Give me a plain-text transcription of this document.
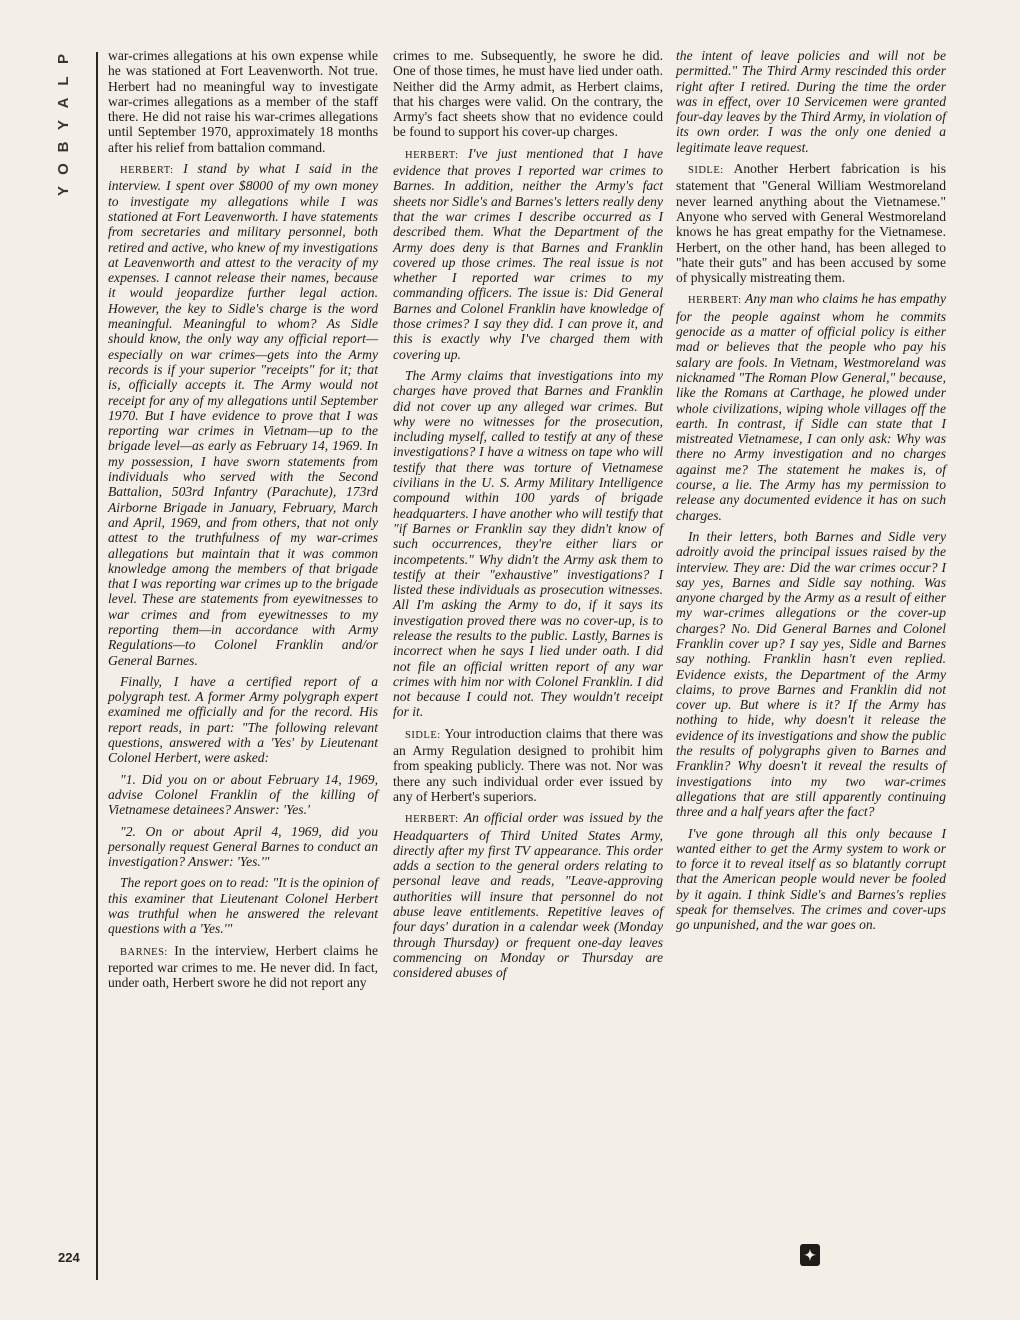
P
L
A
Y
B
O
Y
224

war-crimes allegations at his own expense while he was stationed at Fort Leavenworth. Not true. Herbert had no meaningful way to investigate war-crimes allegations as a member of the staff there. He did not raise his war-crimes allegations until September 1970, approximately 18 months after his relief from battalion command.

HERBERT: I stand by what I said in the interview. I spent over $8000 of my own money to investigate my allegations while I was stationed at Fort Leavenworth. I have statements from secretaries and military personnel, both retired and active, who knew of my investigations at Leavenworth and attest to the veracity of my expenses. I cannot release their names, because it would jeopardize further legal action. However, the key to Sidle's charge is the word meaningful. Meaningful to whom? As Sidle should know, the only way any official report—especially on war crimes—gets into the Army records is if your superior "receipts" for it; that is, officially accepts it. The Army would not receipt for any of my allegations until September 1970. But I have evidence to prove that I was reporting war crimes in Vietnam—up to the brigade level—as early as February 14, 1969. In my possession, I have sworn statements from individuals who served with the Second Battalion, 503rd Infantry (Parachute), 173rd Airborne Brigade in January, February, March and April, 1969, and from others, that not only attest to the truthfulness of my war-crimes allegations but maintain that it was common knowledge among the members of that brigade that I was reporting war crimes up to the brigade level. These are statements from eyewitnesses to war crimes and from eyewitnesses to my reporting them—in accordance with Army Regulations—to Colonel Franklin and/or General Barnes.

Finally, I have a certified report of a polygraph test. A former Army polygraph expert examined me officially and for the record. His report reads, in part: "The following relevant questions, answered with a 'Yes' by Lieutenant Colonel Herbert, were asked:

"1. Did you on or about February 14, 1969, advise Colonel Franklin of the killing of Vietnamese detainees? Answer: 'Yes.'

"2. On or about April 4, 1969, did you personally request General Barnes to conduct an investigation? Answer: 'Yes.'"

The report goes on to read: "It is the opinion of this examiner that Lieutenant Colonel Herbert was truthful when he answered the relevant questions with a 'Yes.'"

BARNES: In the interview, Herbert claims he reported war crimes to me. He never did. In fact, under oath, Herbert swore he did not report any

crimes to me. Subsequently, he swore he did. One of those times, he must have lied under oath. Neither did the Army admit, as Herbert claims, that his charges were valid. On the contrary, the Army's fact sheets show that no evidence could be found to support his cover-up charges.

HERBERT: I've just mentioned that I have evidence that proves I reported war crimes to Barnes. In addition, neither the Army's fact sheets nor Sidle's and Barnes's letters really deny that the war crimes I describe occurred as I described them. What the Department of the Army does deny is that Barnes and Franklin covered up those crimes. The real issue is not whether I reported war crimes to my commanding officers. The issue is: Did General Barnes and Colonel Franklin have knowledge of those crimes? I say they did. I can prove it, and this is exactly why I've charged them with covering up.

The Army claims that investigations into my charges have proved that Barnes and Franklin did not cover up any alleged war crimes. But why were no witnesses for the prosecution, including myself, called to testify at any of these investigations? I have a witness on tape who will testify that there was torture of Vietnamese civilians in the U. S. Army Military Intelligence compound within 100 yards of brigade headquarters. I have another who will testify that "if Barnes or Franklin say they didn't know of such occurrences, they're either liars or incompetents." Why didn't the Army ask them to testify at their "exhaustive" investigations? I listed these individuals as prosecution witnesses. All I'm asking the Army to do, if it says its investigation proved there was no cover-up, is to release the results to the public. Lastly, Barnes is incorrect when he says I lied under oath. I did not file an official written report of any war crimes with him nor with Colonel Franklin. I did not because I could not. They wouldn't receipt for it.

SIDLE: Your introduction claims that there was an Army Regulation designed to prohibit him from speaking publicly. There was not. Nor was there any such individual order ever issued by any of Herbert's superiors.

HERBERT: An official order was issued by the Headquarters of Third United States Army, directly after my first TV appearance. This order adds a section to the general orders relating to personal leave and reads, "Leave-approving authorities will insure that personnel do not abuse leave entitlements. Repetitive leaves of four days' duration in a calendar week (Monday through Thursday) or frequent one-day leaves commencing on Monday or Thursday are considered abuses of

the intent of leave policies and will not be permitted." The Third Army rescinded this order right after I retired. During the time the order was in effect, over 10 Servicemen were granted four-day leaves by the Third Army, in violation of its own order. I was the only one denied a legitimate leave request.

SIDLE: Another Herbert fabrication is his statement that "General William Westmoreland never learned anything about the Vietnamese." Anyone who served with General Westmoreland knows he has great empathy for the Vietnamese. Herbert, on the other hand, has been alleged to "hate their guts" and has been accused by some of physically mistreating them.

HERBERT: Any man who claims he has empathy for the people against whom he commits genocide as a matter of official policy is either mad or believes that the people who pay his salary are fools. In Vietnam, Westmoreland was nicknamed "The Roman Plow General," because, like the Romans at Carthage, he plowed under whole civilizations, wiping whole villages off the earth. In contrast, if Sidle can state that I mistreated Vietnamese, I can only ask: Why was there no Army investigation and no charges against me? The statement he makes is, of course, a lie. The Army has my permission to release any documented evidence it has on such charges.

In their letters, both Barnes and Sidle very adroitly avoid the principal issues raised by the interview. They are: Did the war crimes occur? I say yes, Barnes and Sidle say nothing. Was anyone charged by the Army as a result of either my war-crimes allegations or the cover-up charges? No. Did General Barnes and Colonel Franklin cover up? I say yes, Sidle and Barnes say nothing. Franklin hasn't even replied. Evidence exists, the Department of the Army claims, to prove Barnes and Franklin did not cover up. But where is it? If the Army has nothing to hide, why doesn't it release the evidence of its investigations and show the public the results of polygraphs given to Barnes and Franklin? Why doesn't it reveal the results of investigations into my two war-crimes allegations that are still apparently continuing three and a half years after the fact?

I've gone through all this only because I wanted either to get the Army system to work or to force it to reveal itself as so blatantly corrupt that the American people would never be fooled by it again. I think Sidle's and Barnes's replies speak for themselves. The crimes and cover-ups go unpunished, and the war goes on.

✦
